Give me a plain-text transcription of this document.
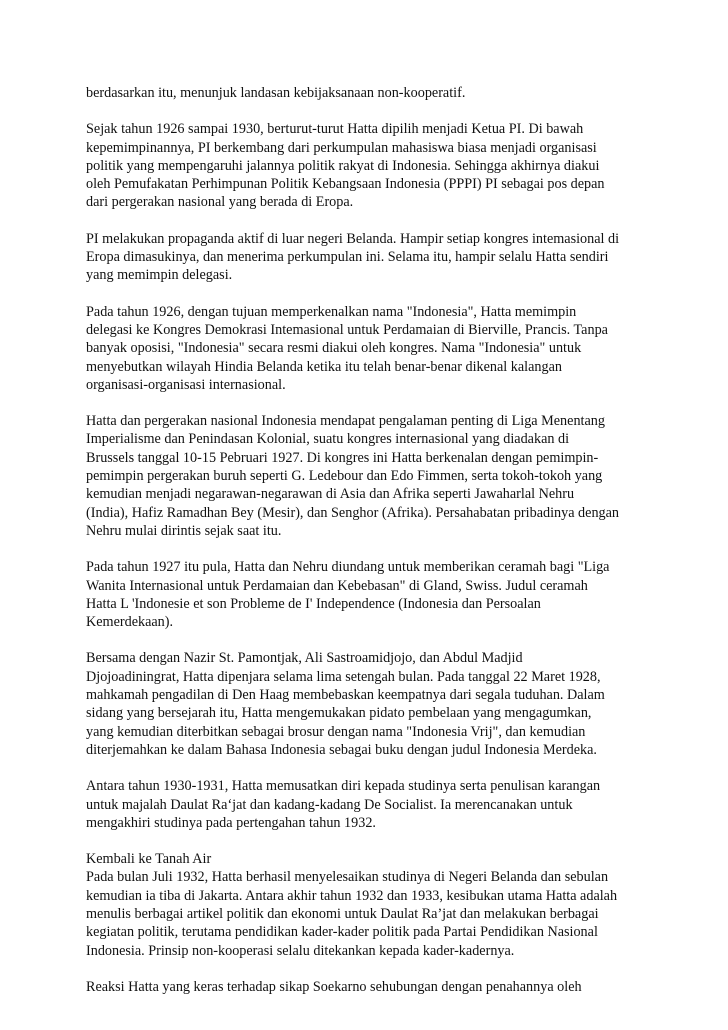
berdasarkan itu, menunjuk landasan kebijaksanaan non-kooperatif.
Sejak tahun 1926 sampai 1930, berturut-turut Hatta dipilih menjadi Ketua PI. Di bawah
kepemimpinannya, PI berkembang dari perkumpulan mahasiswa biasa menjadi organisasi
politik yang mempengaruhi jalannya politik rakyat di Indonesia. Sehingga akhirnya diakui
oleh Pemufakatan Perhimpunan Politik Kebangsaan Indonesia (PPPI) PI sebagai pos depan
dari pergerakan nasional yang berada di Eropa.
PI melakukan propaganda aktif di luar negeri Belanda. Hampir setiap kongres intemasional di
Eropa dimasukinya, dan menerima perkumpulan ini. Selama itu, hampir selalu Hatta sendiri
yang memimpin delegasi.
Pada tahun 1926, dengan tujuan memperkenalkan nama "Indonesia", Hatta memimpin
delegasi ke Kongres Demokrasi Intemasional untuk Perdamaian di Bierville, Prancis. Tanpa
banyak oposisi, "Indonesia" secara resmi diakui oleh kongres. Nama "Indonesia" untuk
menyebutkan wilayah Hindia Belanda ketika itu telah benar-benar dikenal kalangan
organisasi-organisasi internasional.
Hatta dan pergerakan nasional Indonesia mendapat pengalaman penting di Liga Menentang
Imperialisme dan Penindasan Kolonial, suatu kongres internasional yang diadakan di
Brussels tanggal 10-15 Pebruari 1927. Di kongres ini Hatta berkenalan dengan pemimpin-
pemimpin pergerakan buruh seperti G. Ledebour dan Edo Fimmen, serta tokoh-tokoh yang
kemudian menjadi negarawan-negarawan di Asia dan Afrika seperti Jawaharlal Nehru
(India), Hafiz Ramadhan Bey (Mesir), dan Senghor (Afrika). Persahabatan pribadinya dengan
Nehru mulai dirintis sejak saat itu.
Pada tahun 1927 itu pula, Hatta dan Nehru diundang untuk memberikan ceramah bagi "Liga
Wanita Internasional untuk Perdamaian dan Kebebasan" di Gland, Swiss. Judul ceramah
Hatta L 'Indonesie et son Probleme de I' Independence (Indonesia dan Persoalan
Kemerdekaan).
Bersama dengan Nazir St. Pamontjak, Ali Sastroamidjojo, dan Abdul Madjid
Djojoadiningrat, Hatta dipenjara selama lima setengah bulan. Pada tanggal 22 Maret 1928,
mahkamah pengadilan di Den Haag membebaskan keempatnya dari segala tuduhan. Dalam
sidang yang bersejarah itu, Hatta mengemukakan pidato pembelaan yang mengagumkan,
yang kemudian diterbitkan sebagai brosur dengan nama "Indonesia Vrij", dan kemudian
diterjemahkan ke dalam Bahasa Indonesia sebagai buku dengan judul Indonesia Merdeka.
Antara tahun 1930-1931, Hatta memusatkan diri kepada studinya serta penulisan karangan
untuk majalah Daulat Ra‘jat dan kadang-kadang De Socialist. Ia merencanakan untuk
mengakhiri studinya pada pertengahan tahun 1932.
Kembali ke Tanah Air
Pada bulan Juli 1932, Hatta berhasil menyelesaikan studinya di Negeri Belanda dan sebulan
kemudian ia tiba di Jakarta. Antara akhir tahun 1932 dan 1933, kesibukan utama Hatta adalah
menulis berbagai artikel politik dan ekonomi untuk Daulat Ra’jat dan melakukan berbagai
kegiatan politik, terutama pendidikan kader-kader politik pada Partai Pendidikan Nasional
Indonesia. Prinsip non-kooperasi selalu ditekankan kepada kader-kadernya.
Reaksi Hatta yang keras terhadap sikap Soekarno sehubungan dengan penahannya oleh
